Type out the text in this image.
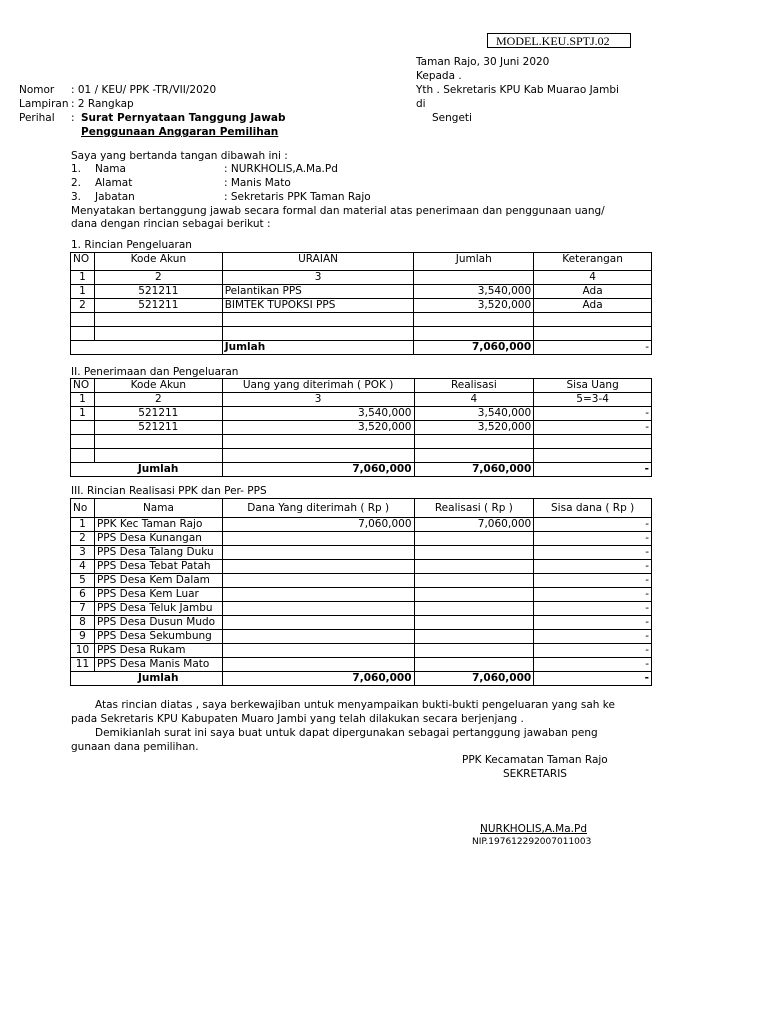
MODEL.KEU.SPTJ.02
Taman Rajo, 30 Juni 2020
Kepada .
Yth . Sekretaris KPU Kab Muarao Jambi
di
Sengeti
Nomor : 01 / KEU/ PPK -TR/VII/2020
Lampiran : 2 Rangkap
Perihal : Surat Pernyataan Tanggung Jawab
Penggunaan Anggaran Pemilihan
Saya yang bertanda tangan dibawah ini :
1. Nama	: NURKHOLIS,A.Ma.Pd
2. Alamat	: Manis Mato
3. Jabatan	: Sekretaris PPK Taman Rajo
Menyatakan bertanggung jawab secara formal dan material atas penerimaan dan penggunaan uang/
dana dengan rincian sebagai berikut :
1. Rincian Pengeluaran
NO	Kode Akun	URAIAN	Jumlah	Keterangan
1	2	3		4
1	521211	Pelantikan PPS	3,540,000	Ada
2	521211	BIMTEK TUPOKSI PPS	3,520,000	Ada

		Jumlah	7,060,000	-
II. Penerimaan dan Pengeluaran
NO	Kode Akun	Uang yang diterimah ( POK )	Realisasi	Sisa Uang
1	2	3	4	5=3-4
1	521211	3,540,000	3,540,000	-
	521211	3,520,000	3,520,000	-

	Jumlah	7,060,000	7,060,000	-
III. Rincian Realisasi PPK dan Per- PPS
No	Nama	Dana Yang diterimah ( Rp )	Realisasi ( Rp )	Sisa dana ( Rp )
1	PPK Kec Taman Rajo	7,060,000	7,060,000	-
2	PPS Desa Kunangan			-
3	PPS Desa Talang Duku			-
4	PPS Desa Tebat Patah			-
5	PPS Desa Kem Dalam			-
6	PPS Desa Kem Luar			-
7	PPS Desa Teluk Jambu			-
8	PPS Desa Dusun Mudo			-
9	PPS Desa Sekumbung			-
10	PPS Desa Rukam			-
11	PPS Desa Manis Mato			-
	Jumlah	7,060,000	7,060,000	-
Atas rincian diatas , saya berkewajiban untuk menyampaikan bukti-bukti pengeluaran yang sah ke
pada Sekretaris KPU Kabupaten Muaro Jambi yang telah dilakukan secara berjenjang .
Demikianlah surat ini saya buat untuk dapat dipergunakan sebagai pertanggung jawaban peng
gunaan dana pemilihan.
PPK Kecamatan Taman Rajo
SEKRETARIS
NURKHOLIS,A.Ma.Pd
NIP.197612292007011003
